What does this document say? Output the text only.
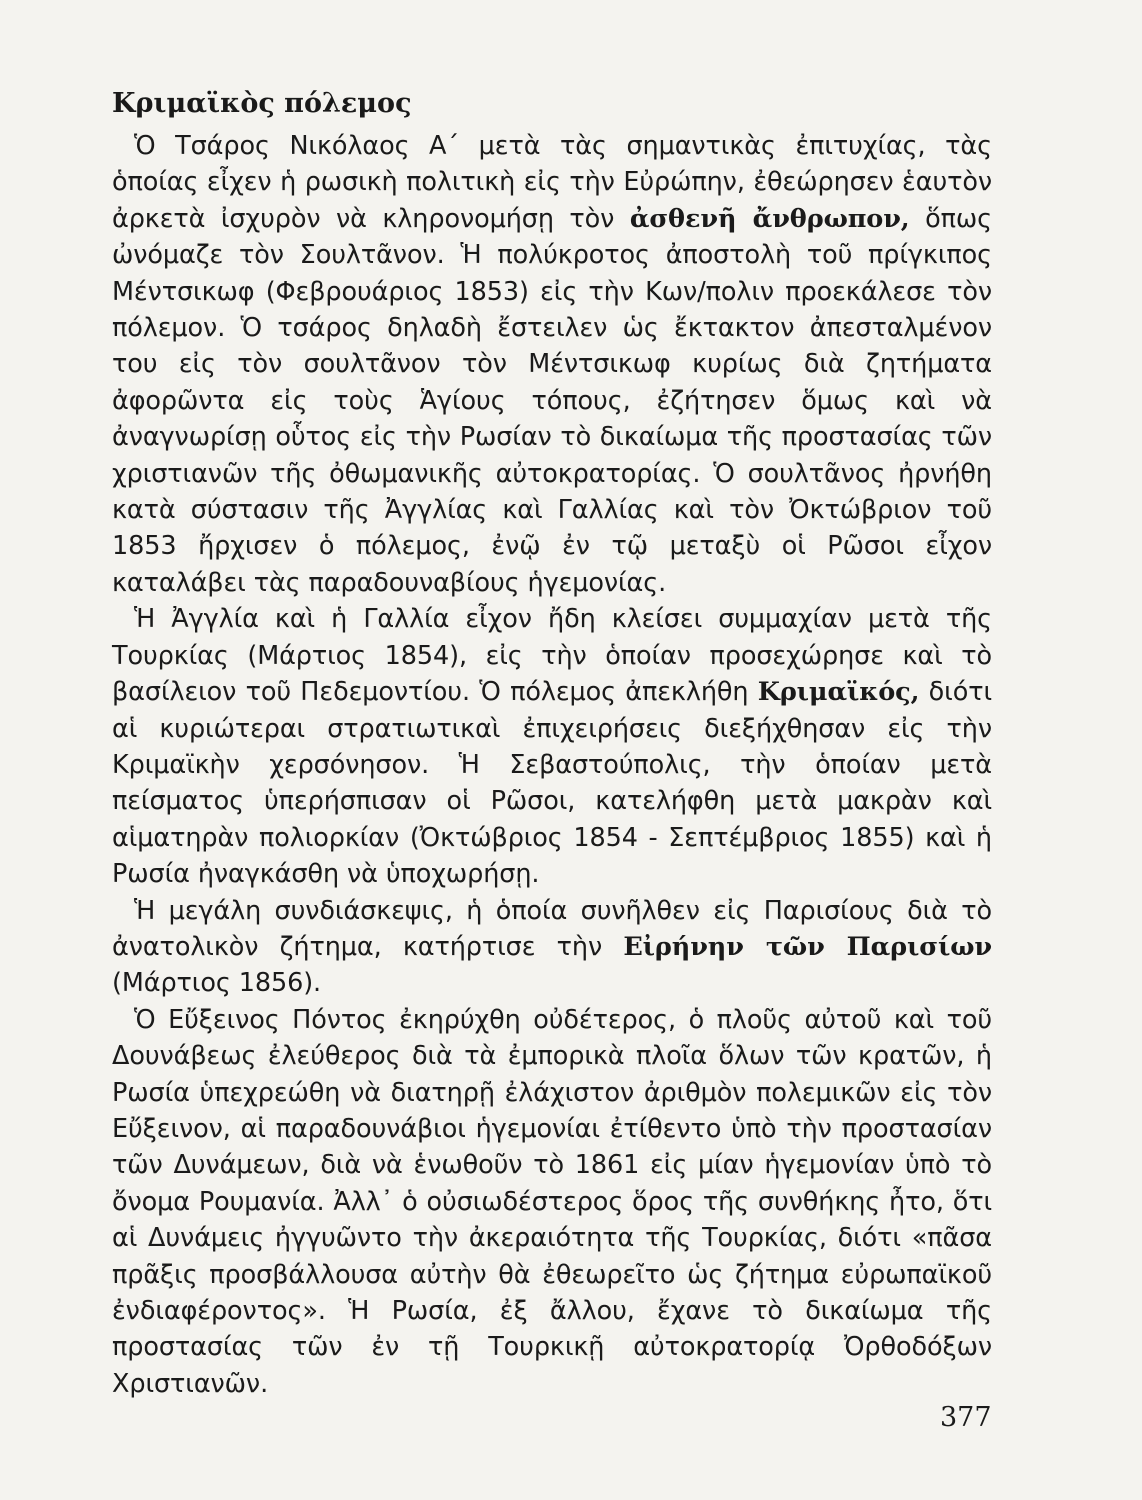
Κριμαϊκὸς πόλεμος

Ὁ Τσάρος Νικόλαος Α΄ μετὰ τὰς σημαντικὰς ἐπιτυχίας, τὰς ὁποίας εἶχεν ἡ ρωσικὴ πολιτικὴ εἰς τὴν Εὐρώπην, ἐθεώρησεν ἑαυτὸν ἀρκετὰ ἰσχυρὸν νὰ κληρονομήσῃ τὸν ἀσθενῆ ἄνθρωπον, ὅπως ὠνόμαζε τὸν Σουλτᾶνον. Ἡ πολύκροτος ἀποστολὴ τοῦ πρίγκιπος Μέντσικωφ (Φεβρουάριος 1853) εἰς τὴν Κων/πολιν προεκάλεσε τὸν πόλεμον. Ὁ τσάρος δηλαδὴ ἔστειλεν ὡς ἔκτακτον ἀπεσταλμένον του εἰς τὸν σουλτᾶνον τὸν Μέντσικωφ κυρίως διὰ ζητήματα ἀφορῶντα εἰς τοὺς Ἁγίους τόπους, ἐζήτησεν ὅμως καὶ νὰ ἀναγνωρίσῃ οὗτος εἰς τὴν Ρωσίαν τὸ δικαίωμα τῆς προστασίας τῶν χριστιανῶν τῆς ὀθωμανικῆς αὐτοκρατορίας. Ὁ σουλτᾶνος ἠρνήθη κατὰ σύστασιν τῆς Ἀγγλίας καὶ Γαλλίας καὶ τὸν Ὀκτώβριον τοῦ 1853 ἤρχισεν ὁ πόλεμος, ἐνῷ ἐν τῷ μεταξὺ οἱ Ρῶσοι εἶχον καταλάβει τὰς παραδουναβίους ἡγεμονίας.

Ἡ Ἀγγλία καὶ ἡ Γαλλία εἶχον ἤδη κλείσει συμμαχίαν μετὰ τῆς Τουρκίας (Μάρτιος 1854), εἰς τὴν ὁποίαν προσεχώρησε καὶ τὸ βασίλειον τοῦ Πεδεμοντίου. Ὁ πόλεμος ἀπεκλήθη Κριμαϊκός, διότι αἱ κυριώτεραι στρατιωτικαὶ ἐπιχειρήσεις διεξήχθησαν εἰς τὴν Κριμαϊκὴν χερσόνησον. Ἡ Σεβαστούπολις, τὴν ὁποίαν μετὰ πείσματος ὑπερήσπισαν οἱ Ρῶσοι, κατελήφθη μετὰ μακρὰν καὶ αἱματηρὰν πολιορκίαν (Ὀκτώβριος 1854 - Σεπτέμβριος 1855) καὶ ἡ Ρωσία ἠναγκάσθη νὰ ὑποχωρήσῃ.

Ἡ μεγάλη συνδιάσκεψις, ἡ ὁποία συνῆλθεν εἰς Παρισίους διὰ τὸ ἀνατολικὸν ζήτημα, κατήρτισε τὴν Εἰρήνην τῶν Παρισίων (Μάρτιος 1856).

Ὁ Εὔξεινος Πόντος ἐκηρύχθη οὐδέτερος, ὁ πλοῦς αὐτοῦ καὶ τοῦ Δουνάβεως ἐλεύθερος διὰ τὰ ἐμπορικὰ πλοῖα ὅλων τῶν κρατῶν, ἡ Ρωσία ὑπεχρεώθη νὰ διατηρῇ ἐλάχιστον ἀριθμὸν πολεμικῶν εἰς τὸν Εὔξεινον, αἱ παραδουνάβιοι ἡγεμονίαι ἐτίθεντο ὑπὸ τὴν προστασίαν τῶν Δυνάμεων, διὰ νὰ ἑνωθοῦν τὸ 1861 εἰς μίαν ἡγεμονίαν ὑπὸ τὸ ὄνομα Ρουμανία. Ἀλλ᾽ ὁ οὐσιωδέστερος ὅρος τῆς συνθήκης ἦτο, ὅτι αἱ Δυνάμεις ἠγγυῶντο τὴν ἀκεραιότητα τῆς Τουρκίας, διότι «πᾶσα πρᾶξις προσβάλλουσα αὐτὴν θὰ ἐθεωρεῖτο ὡς ζήτημα εὐρωπαϊκοῦ ἐνδιαφέροντος». Ἡ Ρωσία, ἐξ ἄλλου, ἔχανε τὸ δικαίωμα τῆς προστασίας τῶν ἐν τῇ Τουρκικῇ αὐτοκρατορίᾳ Ὀρθοδόξων Χριστιανῶν.

377
